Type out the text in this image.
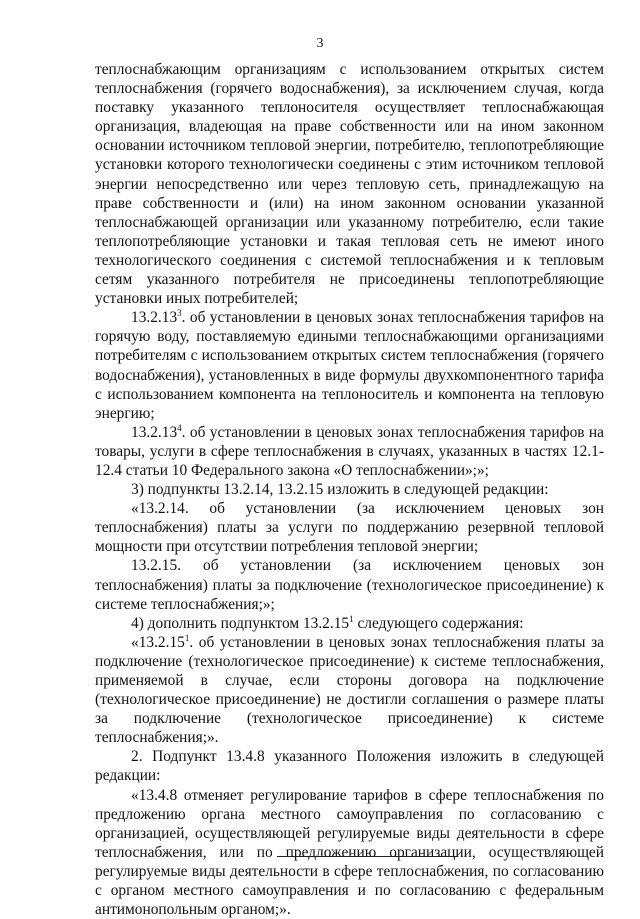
3

теплоснабжающим организациям с использованием открытых систем теплоснабжения (горячего водоснабжения), за исключением случая, когда поставку указанного теплоносителя осуществляет теплоснабжающая организация, владеющая на праве собственности или на ином законном основании источником тепловой энергии, потребителю, теплопотребляющие установки которого технологически соединены с этим источником тепловой энергии непосредственно или через тепловую сеть, принадлежащую на праве собственности и (или) на ином законном основании указанной теплоснабжающей организации или указанному потребителю, если такие теплопотребляющие установки и такая тепловая сеть не имеют иного технологического соединения с системой теплоснабжения и к тепловым сетям указанного потребителя не присоединены теплопотребляющие установки иных потребителей;

13.2.13$^3$. об установлении в ценовых зонах теплоснабжения тарифов на горячую воду, поставляемую едиными теплоснабжающими организациями потребителям с использованием открытых систем теплоснабжения (горячего водоснабжения), установленных в виде формулы двухкомпонентного тарифа с использованием компонента на теплоноситель и компонента на тепловую энергию;

13.2.13$^4$. об установлении в ценовых зонах теплоснабжения тарифов на товары, услуги в сфере теплоснабжения в случаях, указанных в частях 12.1-12.4 статьи 10 Федерального закона «О теплоснабжении»;»;

3) подпункты 13.2.14, 13.2.15 изложить в следующей редакции:

«13.2.14. об установлении (за исключением ценовых зон теплоснабжения) платы за услуги по поддержанию резервной тепловой мощности при отсутствии потребления тепловой энергии;

13.2.15. об установлении (за исключением ценовых зон теплоснабжения) платы за подключение (технологическое присоединение) к системе теплоснабжения;»;

4) дополнить подпунктом 13.2.15$^1$ следующего содержания:

«13.2.15$^1$. об установлении в ценовых зонах теплоснабжения платы за подключение (технологическое присоединение) к системе теплоснабжения, применяемой в случае, если стороны договора на подключение (технологическое присоединение) не достигли соглашения о размере платы за подключение (технологическое присоединение) к системе теплоснабжения;».

2. Подпункт 13.4.8 указанного Положения изложить в следующей редакции:

«13.4.8 отменяет регулирование тарифов в сфере теплоснабжения по предложению органа местного самоуправления по согласованию с организацией, осуществляющей регулируемые виды деятельности в сфере теплоснабжения, или по предложению организации, осуществляющей регулируемые виды деятельности в сфере теплоснабжения, по согласованию с органом местного самоуправления и по согласованию с федеральным антимонопольным органом;».
